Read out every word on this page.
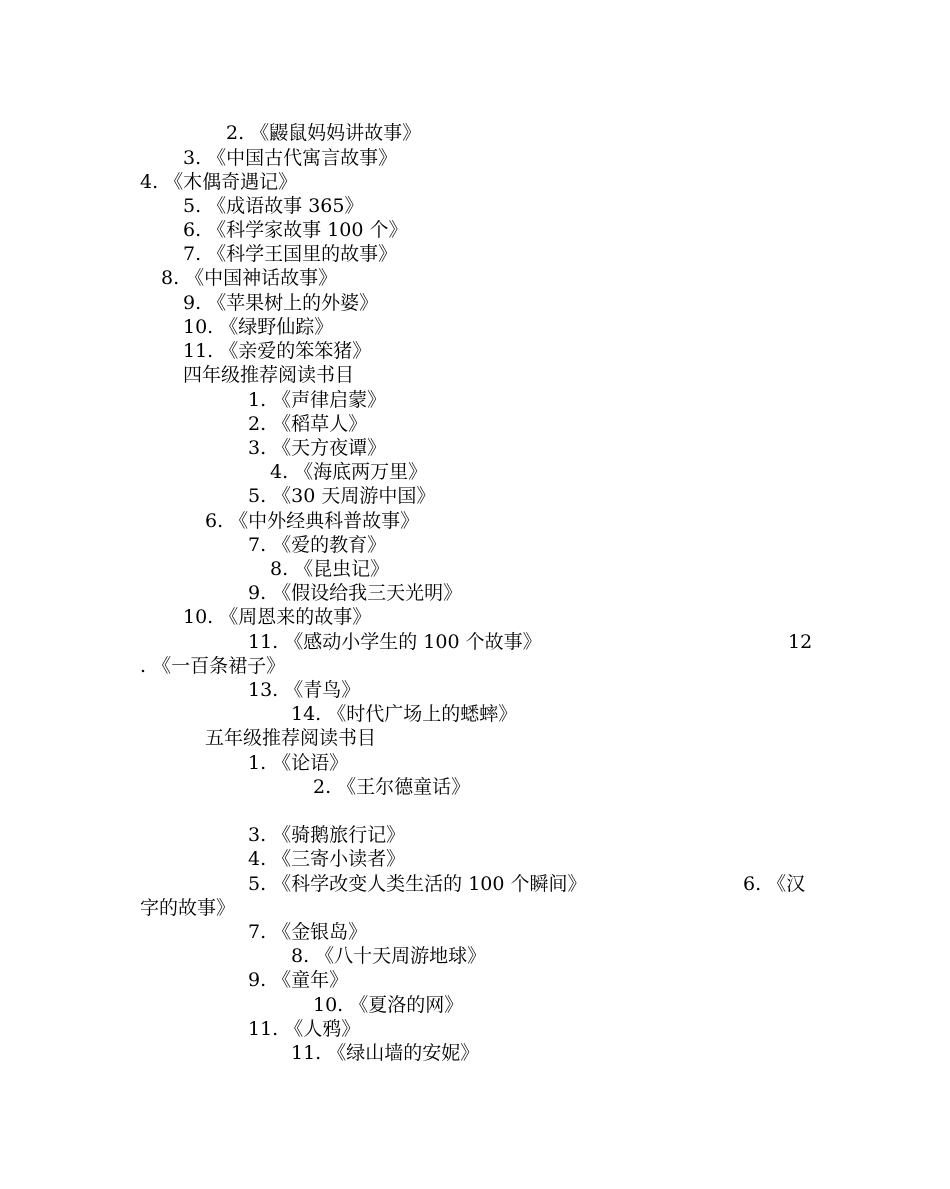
2. 《鼹鼠妈妈讲故事》
3. 《中国古代寓言故事》
4. 《木偶奇遇记》
5. 《成语故事 365》
6. 《科学家故事 100 个》
7. 《科学王国里的故事》
8. 《中国神话故事》
9. 《苹果树上的外婆》
10. 《绿野仙踪》
11. 《亲爱的笨笨猪》
四年级推荐阅读书目
1. 《声律启蒙》
2. 《稻草人》
3. 《天方夜谭》
4. 《海底两万里》
5. 《30 天周游中国》
6. 《中外经典科普故事》
7. 《爱的教育》
8. 《昆虫记》
9. 《假设给我三天光明》
10. 《周恩来的故事》
11. 《感动小学生的 100 个故事》	12
. 《一百条裙子》
13. 《青鸟》
14. 《时代广场上的蟋蟀》
五年级推荐阅读书目
1. 《论语》
2. 《王尔德童话》
3. 《骑鹅旅行记》
4. 《三寄小读者》
5. 《科学改变人类生活的 100 个瞬间》	6. 《汉
字的故事》
7. 《金银岛》
8. 《八十天周游地球》
9. 《童年》
10. 《夏洛的网》
11. 《人鸦》
11. 《绿山墙的安妮》
